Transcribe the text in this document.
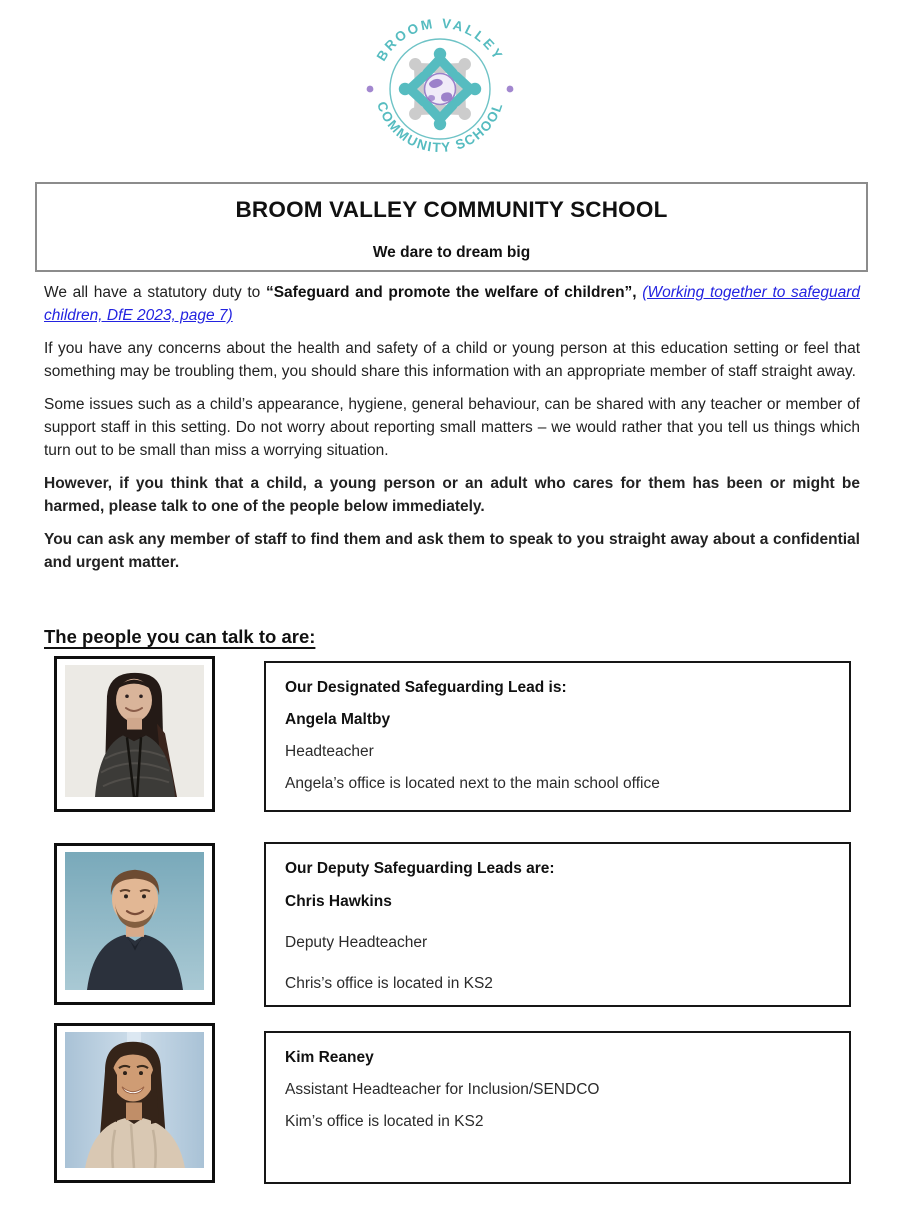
BROOM VALLEY
COMMUNITY SCHOOL
BROOM VALLEY COMMUNITY SCHOOL

We dare to dream big

We all have a statutory duty to “Safeguard and promote the welfare of children”, (Working together to safeguard children, DfE 2023, page 7)

If you have any concerns about the health and safety of a child or young person at this education setting or feel that something may be troubling them, you should share this information with an appropriate member of staff straight away.

Some issues such as a child’s appearance, hygiene, general behaviour, can be shared with any teacher or member of support staff in this setting. Do not worry about reporting small matters – we would rather that you tell us things which turn out to be small than miss a worrying situation.

However, if you think that a child, a young person or an adult who cares for them has been or might be harmed, please talk to one of the people below immediately.

You can ask any member of staff to find them and ask them to speak to you straight away about a confidential and urgent matter.

The people you can talk to are:

Our Designated Safeguarding Lead is:

Angela Maltby

Headteacher

Angela’s office is located next to the main school office

Our Deputy Safeguarding Leads are:

Chris Hawkins

Deputy Headteacher

Chris’s office is located in KS2

Kim Reaney

Assistant Headteacher for Inclusion/SENDCO

Kim’s office is located in KS2
